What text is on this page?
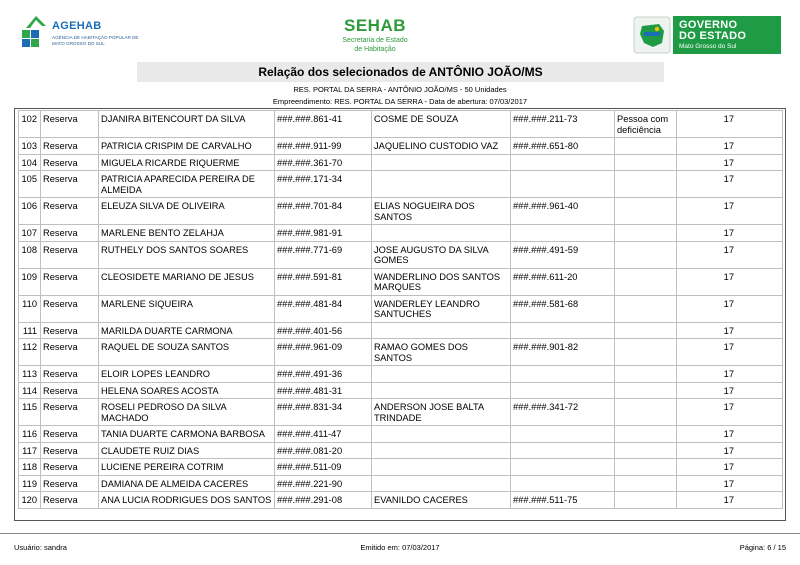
AGEHAB
AGÊNCIA DE HABITAÇÃO POPULAR DE MATO GROSSO DO SUL
SEHAB
Secretaria de Estado
de Habitação
GOVERNO
DO ESTADO
Mato Grosso do Sul
Relação dos selecionados de ANTÔNIO JOÃO/MS
RES. PORTAL DA SERRA - ANTÔNIO JOÃO/MS - 50 Unidades
Empreendimento: RES. PORTAL DA SERRA - Data de abertura: 07/03/2017
102	Reserva	DJANIRA BITENCOURT DA SILVA	###.###.861-41	COSME DE SOUZA	###.###.211-73	Pessoa com deficiência	17
103	Reserva	PATRICIA CRISPIM DE CARVALHO	###.###.911-99	JAQUELINO CUSTODIO VAZ	###.###.651-80		17
104	Reserva	MIGUELA RICARDE RIQUERME	###.###.361-70				17
105	Reserva	PATRICIA APARECIDA PEREIRA DE ALMEIDA	###.###.171-34				17
106	Reserva	ELEUZA SILVA DE OLIVEIRA	###.###.701-84	ELIAS NOGUEIRA DOS SANTOS	###.###.961-40		17
107	Reserva	MARLENE BENTO ZELAHJA	###.###.981-91				17
108	Reserva	RUTHELY DOS SANTOS SOARES	###.###.771-69	JOSE AUGUSTO DA SILVA GOMES	###.###.491-59		17
109	Reserva	CLEOSIDETE MARIANO DE JESUS	###.###.591-81	WANDERLINO DOS SANTOS MARQUES	###.###.611-20		17
110	Reserva	MARLENE SIQUEIRA	###.###.481-84	WANDERLEY LEANDRO SANTUCHES	###.###.581-68		17
111	Reserva	MARILDA DUARTE CARMONA	###.###.401-56				17
112	Reserva	RAQUEL DE SOUZA SANTOS	###.###.961-09	RAMAO GOMES DOS SANTOS	###.###.901-82		17
113	Reserva	ELOIR LOPES LEANDRO	###.###.491-36				17
114	Reserva	HELENA SOARES ACOSTA	###.###.481-31				17
115	Reserva	ROSELI PEDROSO DA SILVA MACHADO	###.###.831-34	ANDERSON JOSE BALTA TRINDADE	###.###.341-72		17
116	Reserva	TANIA DUARTE CARMONA BARBOSA	###.###.411-47				17
117	Reserva	CLAUDETE RUIZ DIAS	###.###.081-20				17
118	Reserva	LUCIENE PEREIRA COTRIM	###.###.511-09				17
119	Reserva	DAMIANA DE ALMEIDA CACERES	###.###.221-90				17
120	Reserva	ANA LUCIA RODRIGUES DOS SANTOS	###.###.291-08	EVANILDO CACERES	###.###.511-75		17
Emitido em: 07/03/2017
Usuário: sandra	Página: 6 / 15
